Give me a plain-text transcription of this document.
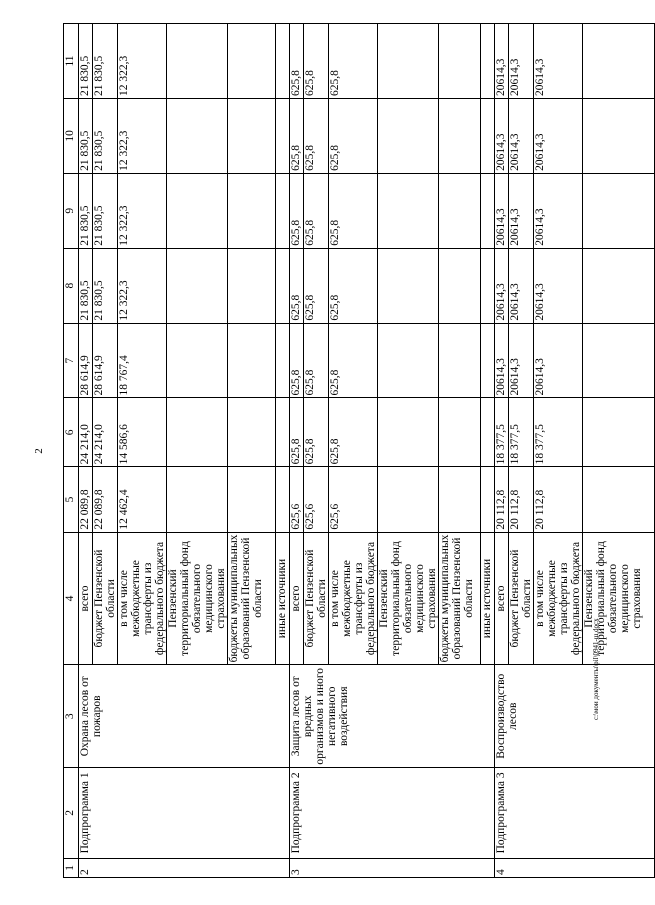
2
c:\мои документы\pil\0941-ш.docx
1	2	3	4	5	6	7	8	9	10	11
2	Подпрограмма 1	Охрана лесов от пожаров	всего	22 089,8	24 214,0	28 614,9	21 830,5	21 830,5	21 830,5	21 830,5
			бюджет Пензенской области	22 089,8	24 214,0	28 614,9	21 830,5	21 830,5	21 830,5	21 830,5
			в том числе межбюджетные трансферты из федерального бюджета	12 462,4	14 586,6	18 767,4	12 322,3	12 322,3	12 322,3	12 322,3
			Пензенский территориальный фонд обязательного медицинского страхования							
			бюджеты муниципальных образований Пензенской области							
			иные источники							
3	Подпрограмма 2	Защита лесов от вредных организмов и иного негативного воздействия	всего	625,6	625,8	625,8	625,8	625,8	625,8	625,8
			бюджет Пензенской области	625,6	625,8	625,8	625,8	625,8	625,8	625,8
			в том числе межбюджетные трансферты из федерального бюджета	625,6	625,8	625,8	625,8	625,8	625,8	625,8
			Пензенский территориальный фонд обязательного медицинского страхования							
			бюджеты муниципальных образований Пензенской области							
			иные источники							
4	Подпрограмма 3	Воспроизводство лесов	всего	20 112,8	18 377,5	20614,3	20614,3	20614,3	20614,3	20614,3
			бюджет Пензенской области	20 112,8	18 377,5	20614,3	20614,3	20614,3	20614,3	20614,3
			в том числе межбюджетные трансферты из федерального бюджета	20 112,8	18 377,5	20614,3	20614,3	20614,3	20614,3	20614,3
			Пензенский территориальный фонд обязательного медицинского страхования							
